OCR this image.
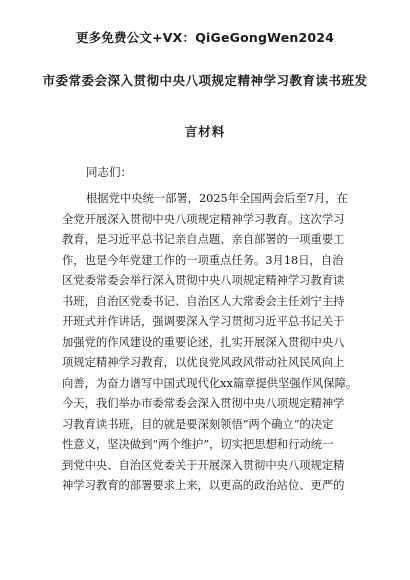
更多免费公文+VX：QiGeGongWen2024
市委常委会深入贯彻中央八项规定精神学习教育读书班发
言材料
同志们：
根据党中央统一部署，2025年全国两会后至7月，在
全党开展深入贯彻中央八项规定精神学习教育。这次学习
教育，是习近平总书记亲自点题、亲自部署的一项重要工
作，也是今年党建工作的一项重点任务。3月18日，自治
区党委常委会举行深入贯彻中央八项规定精神学习教育读
书班，自治区党委书记、自治区人大常委会主任刘宁主持
开班式并作讲话，强调要深入学习贯彻习近平总书记关于
加强党的作风建设的重要论述，扎实开展深入贯彻中央八
项规定精神学习教育，以优良党风政风带动社风民风向上
向善，为奋力谱写中国式现代化xx篇章提供坚强作风保障。
今天，我们举办市委常委会深入贯彻中央八项规定精神学
习教育读书班，目的就是要深刻领悟“两个确立”的决定
性意义，坚决做到“两个维护”，切实把思想和行动统一
到党中央、自治区党委关于开展深入贯彻中央八项规定精
神学习教育的部署要求上来，以更高的政治站位、更严的
